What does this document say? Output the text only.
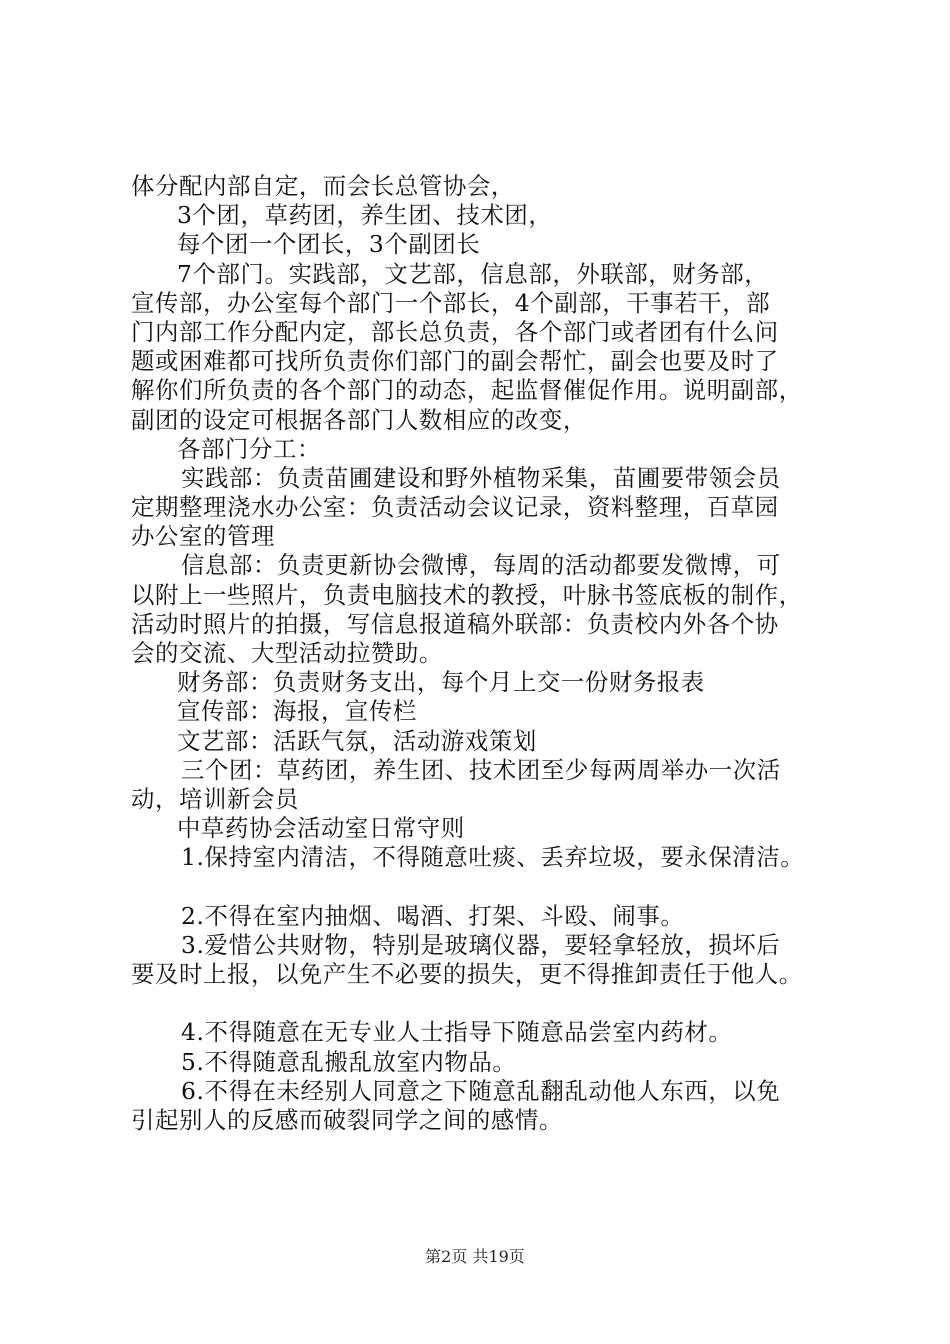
体分配内部自定，而会长总管协会，
3个团，草药团，养生团、技术团，
每个团一个团长，3个副团长
7个部门。实践部，文艺部，信息部，外联部，财务部，
宣传部，办公室每个部门一个部长，4个副部，干事若干，部
门内部工作分配内定，部长总负责，各个部门或者团有什么问
题或困难都可找所负责你们部门的副会帮忙，副会也要及时了
解你们所负责的各个部门的动态，起监督催促作用。说明副部，
副团的设定可根据各部门人数相应的改变，
各部门分工：
实践部：负责苗圃建设和野外植物采集，苗圃要带领会员
定期整理浇水办公室：负责活动会议记录，资料整理，百草园
办公室的管理
信息部：负责更新协会微博，每周的活动都要发微博，可
以附上一些照片，负责电脑技术的教授，叶脉书签底板的制作，
活动时照片的拍摄，写信息报道稿外联部：负责校内外各个协
会的交流、大型活动拉赞助。
财务部：负责财务支出，每个月上交一份财务报表
宣传部：海报，宣传栏
文艺部：活跃气氛，活动游戏策划
三个团：草药团，养生团、技术团至少每两周举办一次活
动，培训新会员
中草药协会活动室日常守则
1.保持室内清洁，不得随意吐痰、丢弃垃圾，要永保清洁。
2.不得在室内抽烟、喝酒、打架、斗殴、闹事。
3.爱惜公共财物，特别是玻璃仪器，要轻拿轻放，损坏后
要及时上报，以免产生不必要的损失，更不得推卸责任于他人。
4.不得随意在无专业人士指导下随意品尝室内药材。
5.不得随意乱搬乱放室内物品。
6.不得在未经别人同意之下随意乱翻乱动他人东西，以免
引起别人的反感而破裂同学之间的感情。
第2页 共19页
